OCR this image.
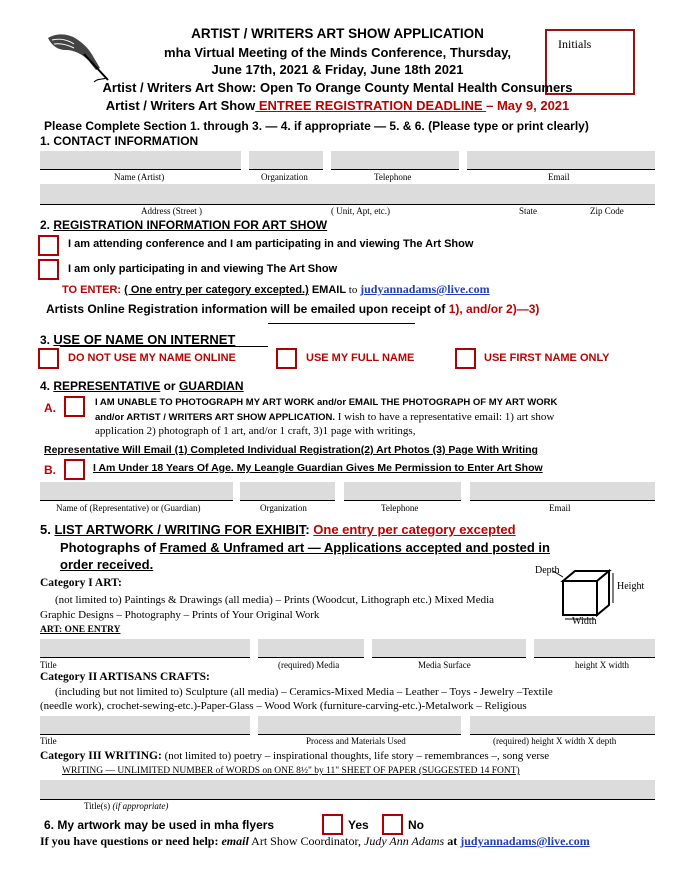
Initials
ARTIST / WRITERS ART SHOW APPLICATION
mha Virtual Meeting of the Minds Conference, Thursday,
June 17th, 2021 & Friday, June 18th 2021
Artist / Writers Art Show: Open To Orange County Mental Health Consumers
Artist / Writers Art Show ENTREE REGISTRATION DEADLINE – May 9, 2021
Please Complete Section 1. through 3. — 4. if appropriate — 5. & 6. (Please type or print clearly)
1. CONTACT INFORMATION
Name (Artist)	Organization	Telephone	Email
Address (Street )	( Unit, Apt, etc.)	State	Zip Code
2. REGISTRATION INFORMATION FOR ART SHOW
I am attending conference and I am participating in and viewing The Art Show
I am only participating in and viewing The Art Show
TO ENTER: ( One entry per category excepted.) EMAIL to judyannadams@live.com
Artists Online Registration information will be emailed upon receipt of 1), and/or 2)—3)
3. USE OF NAME ON INTERNET
DO NOT USE MY NAME ONLINE	USE MY FULL NAME	USE FIRST NAME ONLY
4. REPRESENTATIVE or GUARDIAN
A.	I AM UNABLE TO PHOTOGRAPH MY ART WORK and/or EMAIL THE PHOTOGRAPH OF MY ART WORK
and/or ARTIST / WRITERS ART SHOW APPLICATION. I wish to have a representative email: 1) art show
application 2) photograph of 1 art, and/or 1 craft, 3)1 page with writings,
Representative Will Email (1) Completed Individual Registration(2) Art Photos (3) Page With Writing
B.	I Am Under 18 Years Of Age. My Leangle Guardian Gives Me Permission to Enter Art Show
Name of (Representative) or (Guardian)	Organization	Telephone	Email
5. LIST ARTWORK / WRITING FOR EXHIBIT: One entry per category excepted
Photographs of Framed & Unframed art — Applications accepted and posted in
order received.	Depth
Height
Width
Category I ART:
(not limited to) Paintings & Drawings (all media) – Prints (Woodcut, Lithograph etc.) Mixed Media
Graphic Designs – Photography – Prints of Your Original Work
ART: ONE ENTRY
Title	(required) Media	Media Surface	height X width
Category II ARTISANS CRAFTS:
(including but not limited to) Sculpture (all media) – Ceramics-Mixed Media – Leather – Toys - Jewelry –Textile
(needle work), crochet-sewing-etc.)-Paper-Glass – Wood Work (furniture-carving-etc.)-Metalwork – Religious
Title	Process and Materials Used	(required) height X width X depth
Category III WRITING: (not limited to) poetry – inspirational thoughts, life story – remembrances –, song verse
WRITING — UNLIMITED NUMBER of WORDS on ONE 8½" by 11" SHEET OF PAPER (SUGGESTED 14 FONT)
Title(s) (if appropriate)
6. My artwork may be used in mha flyers	Yes	No
If you have questions or need help: email Art Show Coordinator, Judy Ann Adams at judyannadams@live.com
